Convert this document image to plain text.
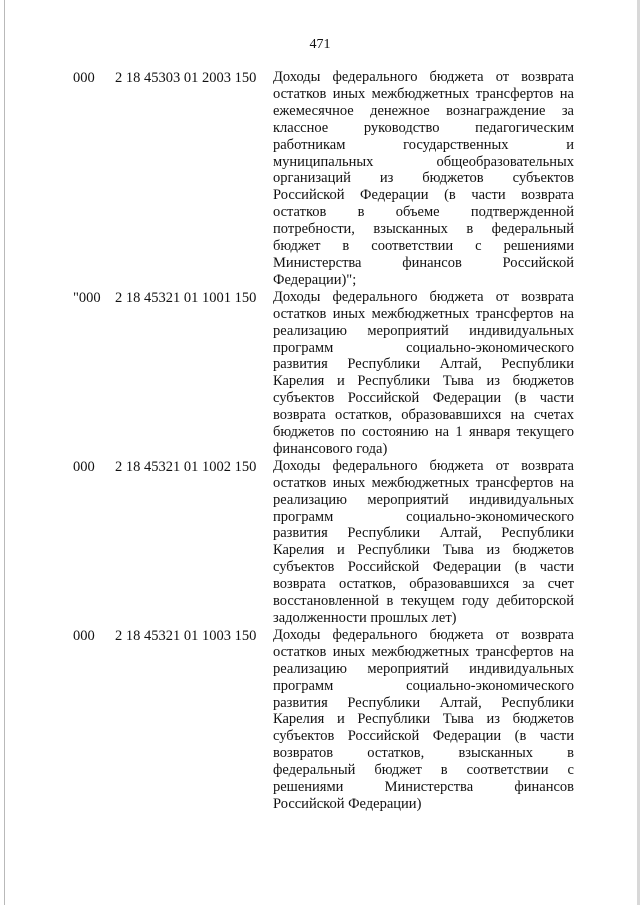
471
000 2 18 45303 01 2003 150 Доходы федерального бюджета от возврата
остатков иных межбюджетных трансфертов на
ежемесячное денежное вознаграждение за
классное руководство педагогическим
работникам государственных и
муниципальных общеобразовательных
организаций из бюджетов субъектов
Российской Федерации (в части возврата
остатков в объеме подтвержденной
потребности, взысканных в федеральный
бюджет в соответствии с решениями
Министерства финансов Российской
Федерации)";
"000 2 18 45321 01 1001 150 Доходы федерального бюджета от возврата
остатков иных межбюджетных трансфертов на
реализацию мероприятий индивидуальных
программ социально-экономического
развития Республики Алтай, Республики
Карелия и Республики Тыва из бюджетов
субъектов Российской Федерации (в части
возврата остатков, образовавшихся на счетах
бюджетов по состоянию на 1 января текущего
финансового года)
000 2 18 45321 01 1002 150 Доходы федерального бюджета от возврата
остатков иных межбюджетных трансфертов на
реализацию мероприятий индивидуальных
программ социально-экономического
развития Республики Алтай, Республики
Карелия и Республики Тыва из бюджетов
субъектов Российской Федерации (в части
возврата остатков, образовавшихся за счет
восстановленной в текущем году дебиторской
задолженности прошлых лет)
000 2 18 45321 01 1003 150 Доходы федерального бюджета от возврата
остатков иных межбюджетных трансфертов на
реализацию мероприятий индивидуальных
программ социально-экономического
развития Республики Алтай, Республики
Карелия и Республики Тыва из бюджетов
субъектов Российской Федерации (в части
возвратов остатков, взысканных в
федеральный бюджет в соответствии с
решениями Министерства финансов
Российской Федерации)
